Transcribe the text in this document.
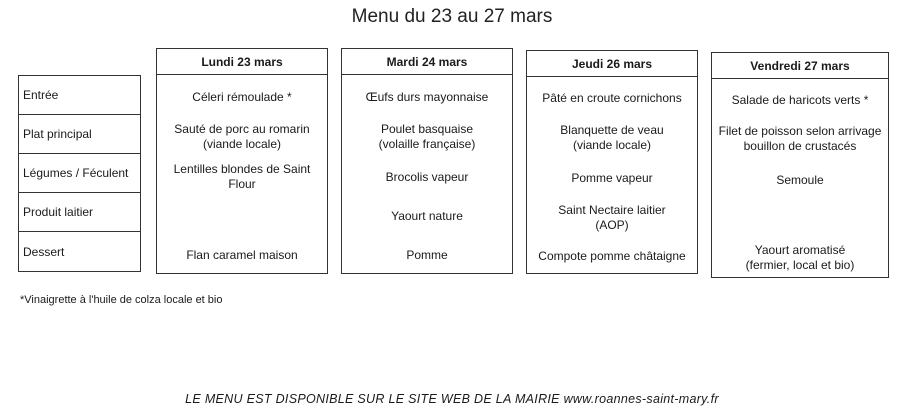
Menu du 23 au 27 mars
Entrée
Plat principal
Légumes / Féculent
Produit laitier
Dessert
Lundi 23 mars
Céleri rémoulade *
Sauté de porc au romarin
(viande locale)
Lentilles blondes de Saint
Flour
Flan caramel maison
Mardi 24 mars
Œufs durs mayonnaise
Poulet basquaise
(volaille française)
Brocolis vapeur
Yaourt nature
Pomme
Jeudi 26 mars
Pâté en croute cornichons
Blanquette de veau
(viande locale)
Pomme vapeur
Saint Nectaire laitier
(AOP)
Compote pomme châtaigne
Vendredi 27 mars
Salade de haricots verts *
Filet de poisson selon arrivage
bouillon de crustacés
Semoule
Yaourt aromatisé
(fermier, local et bio)
*Vinaigrette à l'huile de colza locale et bio
LE MENU EST DISPONIBLE SUR LE SITE WEB DE LA MAIRIE www.roannes-saint-mary.fr
